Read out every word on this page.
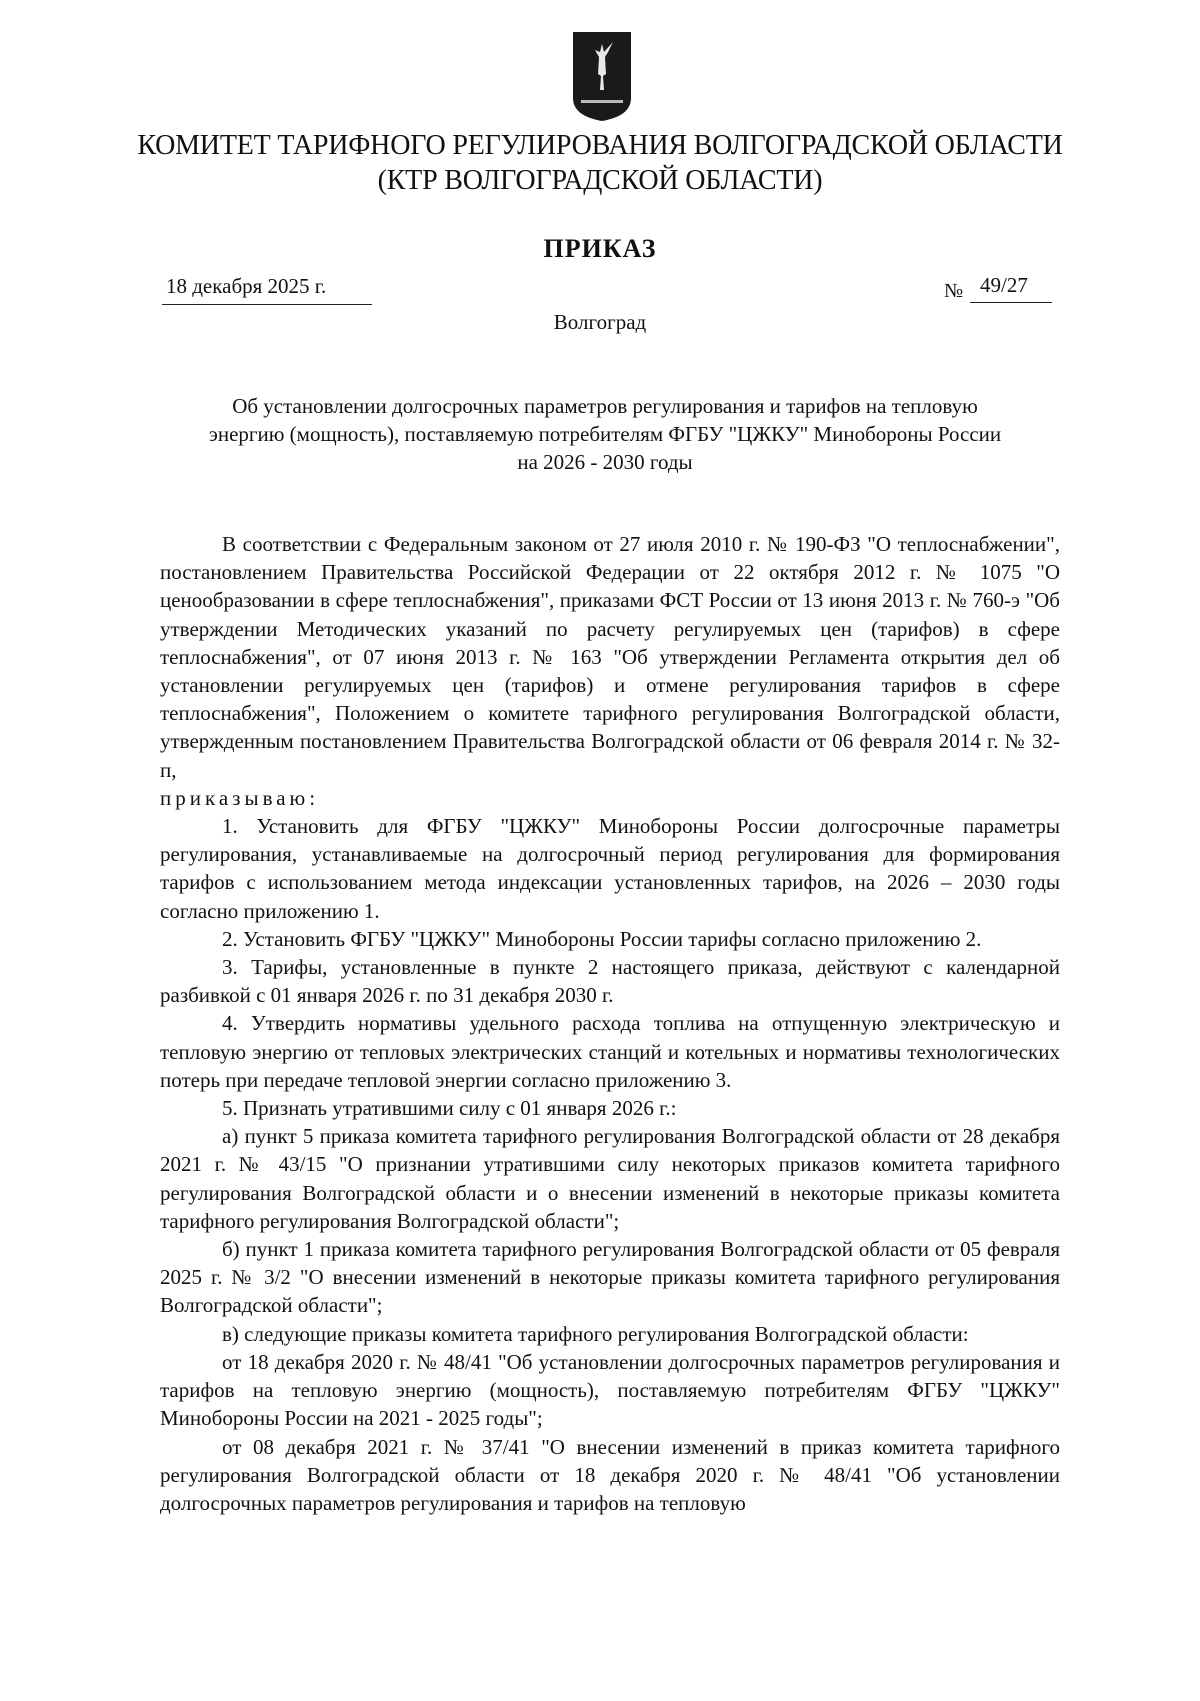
КОМИТЕТ ТАРИФНОГО РЕГУЛИРОВАНИЯ ВОЛГОГРАДСКОЙ ОБЛАСТИ
(КТР ВОЛГОГРАДСКОЙ ОБЛАСТИ)
ПРИКАЗ
18 декабря 2025 г.	№ 49/27
Волгоград
Об установлении долгосрочных параметров регулирования и тарифов на тепловую
энергию (мощность), поставляемую потребителям ФГБУ "ЦЖКУ" Минобороны России
на 2026 - 2030 годы

В соответствии с Федеральным законом от 27 июля 2010 г. № 190-ФЗ "О теплоснабжении", постановлением Правительства Российской Федерации от 22 октября 2012 г. № 1075 "О ценообразовании в сфере теплоснабжения", приказами ФСТ России от 13 июня 2013 г. № 760-э "Об утверждении Методических указаний по расчету регулируемых цен (тарифов) в сфере теплоснабжения", от 07 июня 2013 г. № 163 "Об утверждении Регламента открытия дел об установлении регулируемых цен (тарифов) и отмене регулирования тарифов в сфере теплоснабжения", Положением о комитете тарифного регулирования Волгоградской области, утвержденным постановлением Правительства Волгоградской области от 06 февраля 2014 г. № 32-п,

приказываю:

1. Установить для ФГБУ "ЦЖКУ" Минобороны России долгосрочные параметры регулирования, устанавливаемые на долгосрочный период регулирования для формирования тарифов с использованием метода индексации установленных тарифов, на 2026 – 2030 годы согласно приложению 1.

2. Установить ФГБУ "ЦЖКУ" Минобороны России тарифы согласно приложению 2.

3. Тарифы, установленные в пункте 2 настоящего приказа, действуют с календарной разбивкой с 01 января 2026 г. по 31 декабря 2030 г.

4. Утвердить нормативы удельного расхода топлива на отпущенную электрическую и тепловую энергию от тепловых электрических станций и котельных и нормативы технологических потерь при передаче тепловой энергии согласно приложению 3.

5. Признать утратившими силу с 01 января 2026 г.:

а) пункт 5 приказа комитета тарифного регулирования Волгоградской области от 28 декабря 2021 г. № 43/15 "О признании утратившими силу некоторых приказов комитета тарифного регулирования Волгоградской области и о внесении изменений в некоторые приказы комитета тарифного регулирования Волгоградской области";

б) пункт 1 приказа комитета тарифного регулирования Волгоградской области от 05 февраля 2025 г. № 3/2 "О внесении изменений в некоторые приказы комитета тарифного регулирования Волгоградской области";

в) следующие приказы комитета тарифного регулирования Волгоградской области:

от 18 декабря 2020 г. № 48/41 "Об установлении долгосрочных параметров регулирования и тарифов на тепловую энергию (мощность), поставляемую потребителям ФГБУ "ЦЖКУ" Минобороны России на 2021 - 2025 годы";

от 08 декабря 2021 г. № 37/41 "О внесении изменений в приказ комитета тарифного регулирования Волгоградской области от 18 декабря 2020 г. № 48/41 "Об установлении долгосрочных параметров регулирования и тарифов на тепловую
